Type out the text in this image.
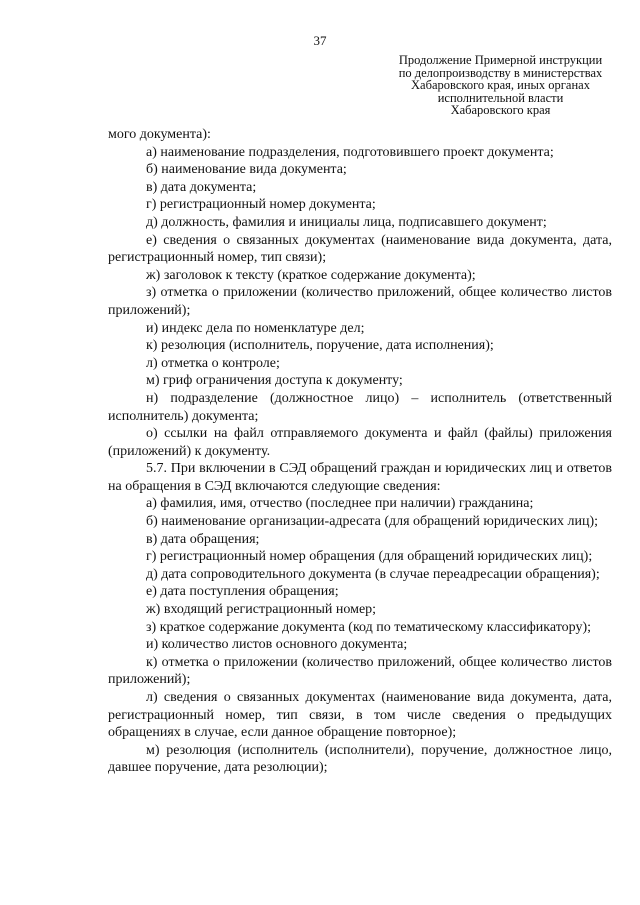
37
Продолжение Примерной инструкции
по делопроизводству в министерствах
Хабаровского края, иных органах
исполнительной власти
Хабаровского края

мого документа):

а) наименование подразделения, подготовившего проект документа;

б) наименование вида документа;

в) дата документа;

г) регистрационный номер документа;

д) должность, фамилия и инициалы лица, подписавшего документ;

е) сведения о связанных документах (наименование вида документа, дата, регистрационный номер, тип связи);

ж) заголовок к тексту (краткое содержание документа);

з) отметка о приложении (количество приложений, общее количество листов приложений);

и) индекс дела по номенклатуре дел;

к) резолюция (исполнитель, поручение, дата исполнения);

л) отметка о контроле;

м) гриф ограничения доступа к документу;

н) подразделение (должностное лицо) – исполнитель (ответственный исполнитель) документа;

о) ссылки на файл отправляемого документа и файл (файлы) приложения (приложений) к документу.

5.7. При включении в СЭД обращений граждан и юридических лиц и ответов на обращения в СЭД включаются следующие сведения:

а) фамилия, имя, отчество (последнее при наличии) гражданина;

б) наименование организации-адресата (для обращений юридических лиц);

в) дата обращения;

г) регистрационный номер обращения (для обращений юридических лиц);

д) дата сопроводительного документа (в случае переадресации обращения);

е) дата поступления обращения;

ж) входящий регистрационный номер;

з) краткое содержание документа (код по тематическому классификатору);

и) количество листов основного документа;

к) отметка о приложении (количество приложений, общее количество листов приложений);

л) сведения о связанных документах (наименование вида документа, дата, регистрационный номер, тип связи, в том числе сведения о предыдущих обращениях в случае, если данное обращение повторное);

м) резолюция (исполнитель (исполнители), поручение, должностное лицо, давшее поручение, дата резолюции);
